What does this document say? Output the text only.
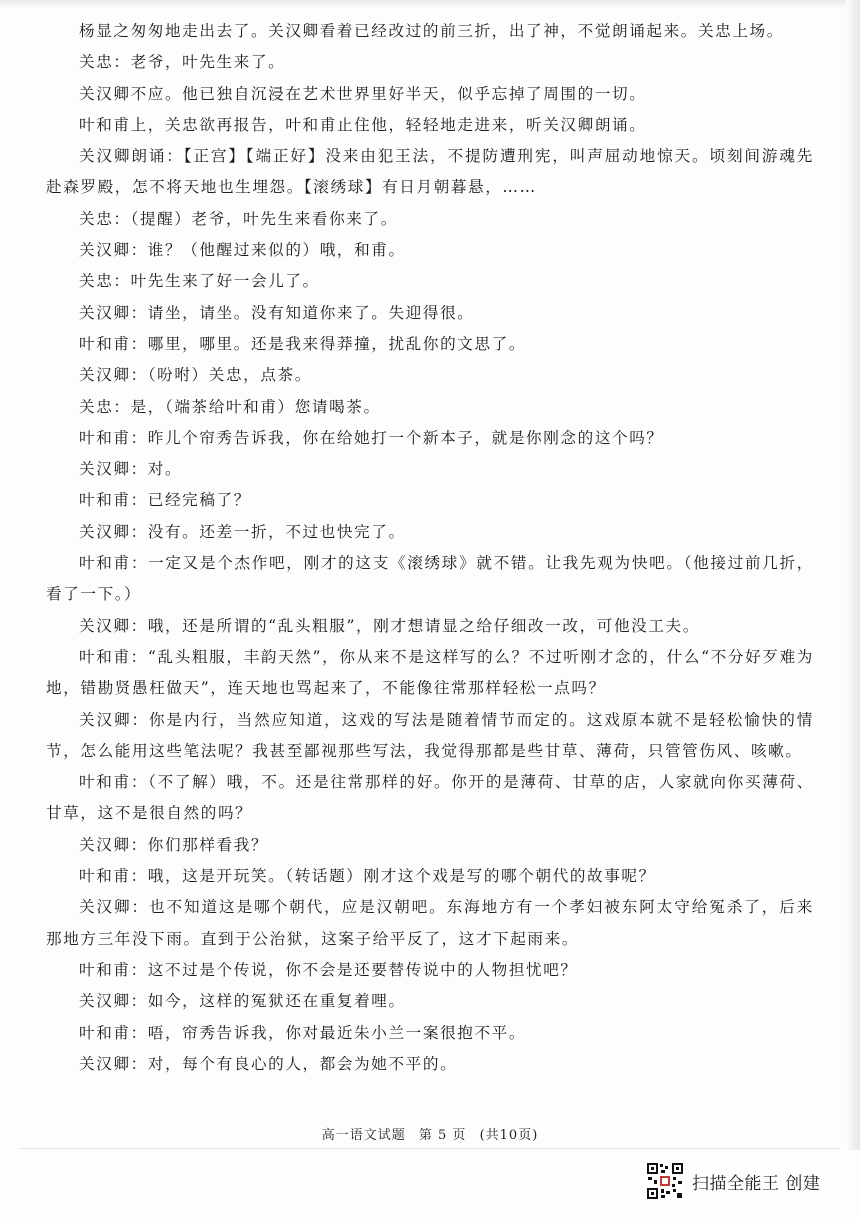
杨显之匆匆地走出去了。关汉卿看着已经改过的前三折，出了神，不觉朗诵起来。关忠上场。

关忠：老爷，叶先生来了。

关汉卿不应。他已独自沉浸在艺术世界里好半天，似乎忘掉了周围的一切。

叶和甫上，关忠欲再报告，叶和甫止住他，轻轻地走进来，听关汉卿朗诵。

关汉卿朗诵：【正宫】【端正好】没来由犯王法，不提防遭刑宪，叫声屈动地惊天。顷刻间游魂先赴森罗殿，怎不将天地也生埋怨。【滚绣球】有日月朝暮悬，……

关忠：（提醒）老爷，叶先生来看你来了。

关汉卿：谁？（他醒过来似的）哦，和甫。

关忠：叶先生来了好一会儿了。

关汉卿：请坐，请坐。没有知道你来了。失迎得很。

叶和甫：哪里，哪里。还是我来得莽撞，扰乱你的文思了。

关汉卿：（吩咐）关忠，点茶。

关忠：是，（端茶给叶和甫）您请喝茶。

叶和甫：昨儿个帘秀告诉我，你在给她打一个新本子，就是你刚念的这个吗？

关汉卿：对。

叶和甫：已经完稿了？

关汉卿：没有。还差一折，不过也快完了。

叶和甫：一定又是个杰作吧，刚才的这支《滚绣球》就不错。让我先观为快吧。（他接过前几折，看了一下。）

关汉卿：哦，还是所谓的“乱头粗服”，刚才想请显之给仔细改一改，可他没工夫。

叶和甫：“乱头粗服，丰韵天然”，你从来不是这样写的么？不过听刚才念的，什么“不分好歹难为地，错勘贤愚枉做天”，连天地也骂起来了，不能像往常那样轻松一点吗？

关汉卿：你是内行，当然应知道，这戏的写法是随着情节而定的。这戏原本就不是轻松愉快的情节，怎么能用这些笔法呢？我甚至鄙视那些写法，我觉得那都是些甘草、薄荷，只管管伤风、咳嗽。

叶和甫：（不了解）哦，不。还是往常那样的好。你开的是薄荷、甘草的店，人家就向你买薄荷、甘草，这不是很自然的吗？

关汉卿：你们那样看我？

叶和甫：哦，这是开玩笑。（转话题）刚才这个戏是写的哪个朝代的故事呢？

关汉卿：也不知道这是哪个朝代，应是汉朝吧。东海地方有一个孝妇被东阿太守给冤杀了，后来那地方三年没下雨。直到于公治狱，这案子给平反了，这才下起雨来。

叶和甫：这不过是个传说，你不会是还要替传说中的人物担忧吧？

关汉卿：如今，这样的冤狱还在重复着哩。

叶和甫：唔，帘秀告诉我，你对最近朱小兰一案很抱不平。

关汉卿：对，每个有良心的人，都会为她不平的。

高一语文试题 第 5 页 (共10页)
扫描全能王 创建
